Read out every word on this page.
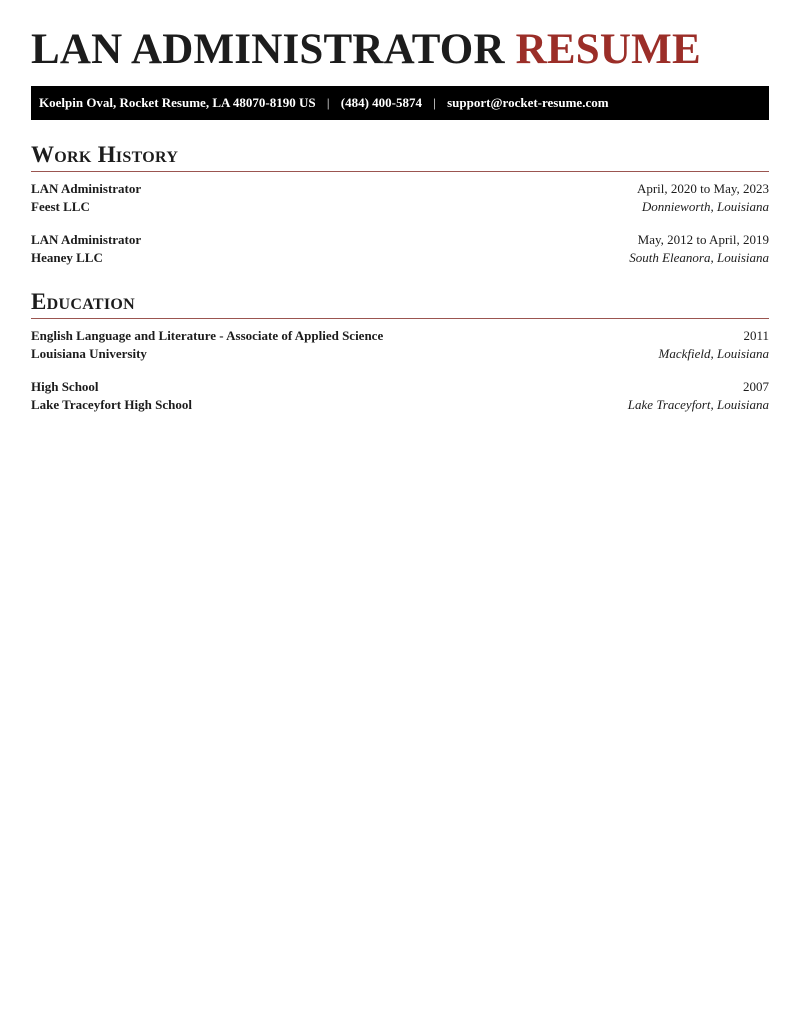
LAN ADMINISTRATOR RESUME
Koelpin Oval, Rocket Resume, LA 48070-8190 US | (484) 400-5874 | support@rocket-resume.com
Work History
LAN Administrator	April, 2020 to May, 2023
Feest LLC	Donnieworth, Louisiana
LAN Administrator	May, 2012 to April, 2019
Heaney LLC	South Eleanora, Louisiana
Education
English Language and Literature - Associate of Applied Science	2011
Louisiana University	Mackfield, Louisiana
High School	2007
Lake Traceyfort High School	Lake Traceyfort, Louisiana
